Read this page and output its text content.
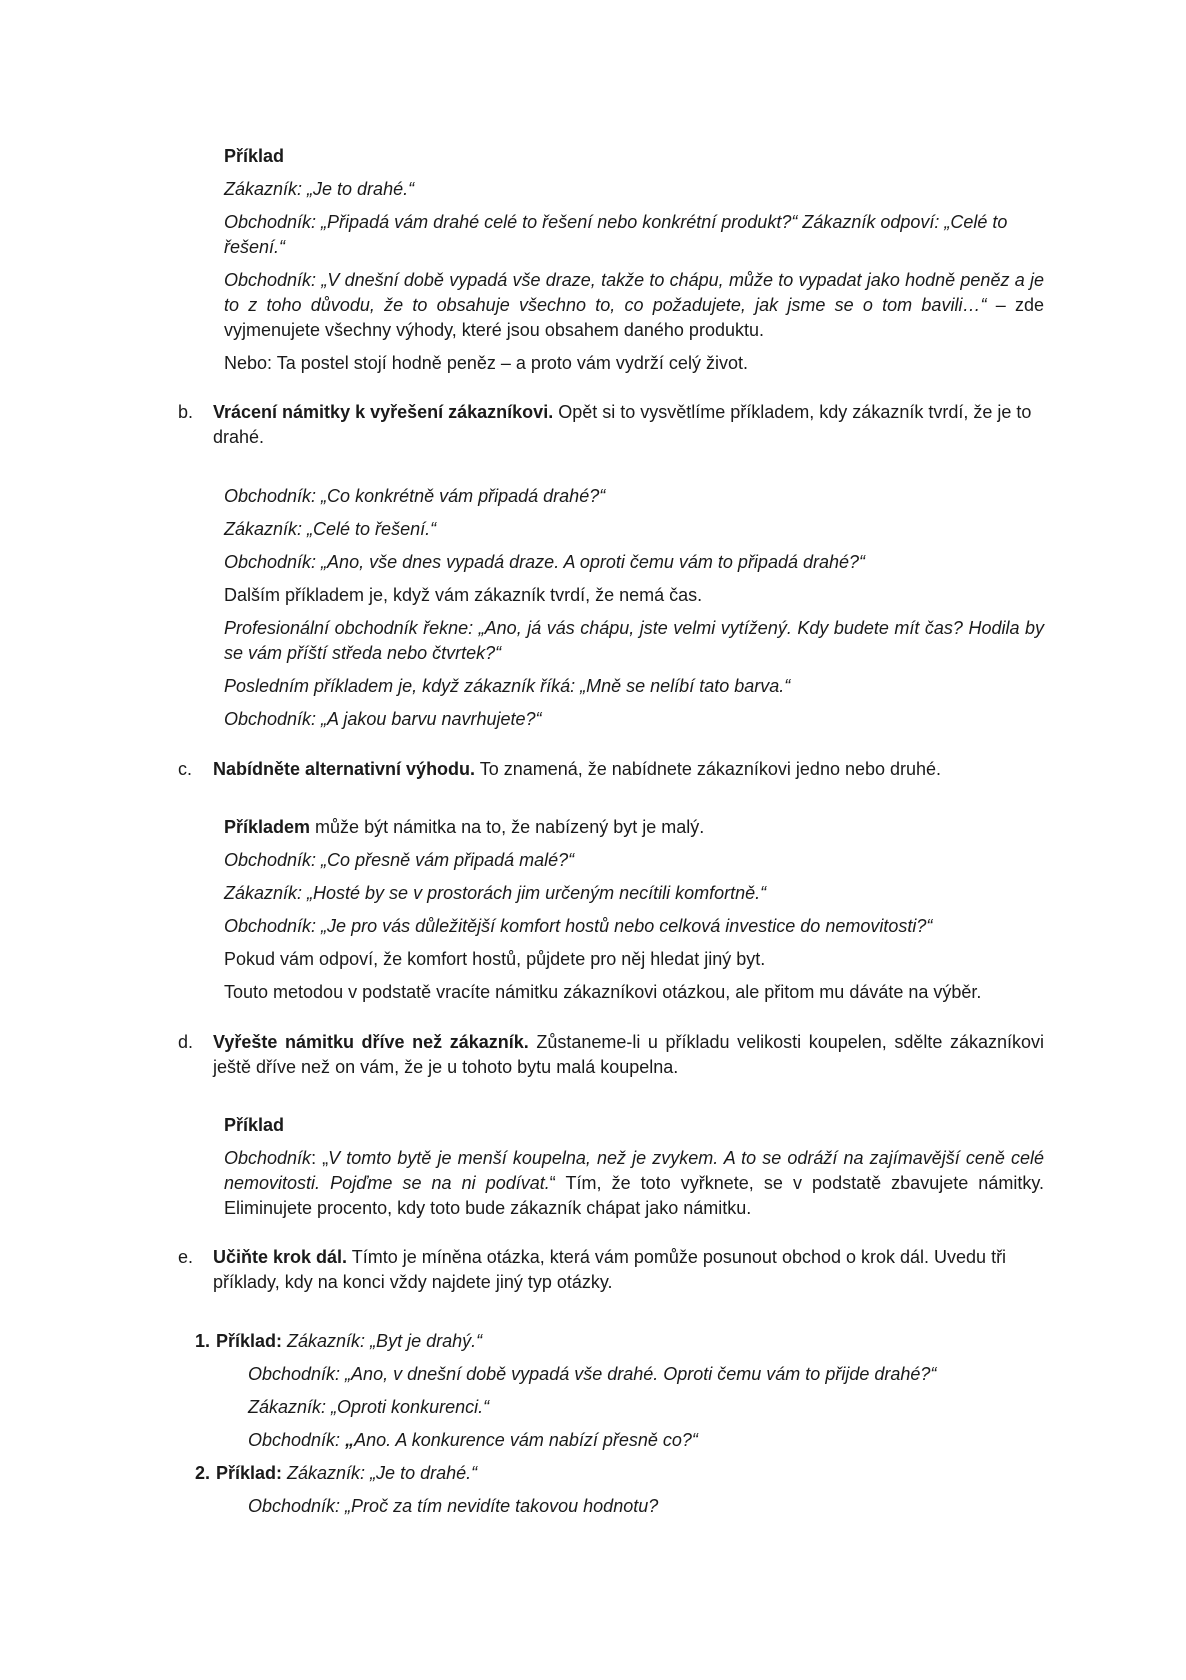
Příklad

Zákazník: „Je to drahé.“

Obchodník: „Připadá vám drahé celé to řešení nebo konkrétní produkt?“ Zákazník odpoví: „Celé to řešení.“

Obchodník: „V dnešní době vypadá vše draze, takže to chápu, může to vypadat jako hodně peněz a je to z toho důvodu, že to obsahuje všechno to, co požadujete, jak jsme se o tom bavili…“ – zde vyjmenujete všechny výhody, které jsou obsahem daného produktu.

Nebo: Ta postel stojí hodně peněz – a proto vám vydrží celý život.

b. Vrácení námitky k vyřešení zákazníkovi. Opět si to vysvětlíme příkladem, kdy zákazník tvrdí, že je to drahé.

Obchodník: „Co konkrétně vám připadá drahé?“

Zákazník: „Celé to řešení.“

Obchodník: „Ano, vše dnes vypadá draze. A oproti čemu vám to připadá drahé?“

Dalším příkladem je, když vám zákazník tvrdí, že nemá čas.

Profesionální obchodník řekne: „Ano, já vás chápu, jste velmi vytížený. Kdy budete mít čas? Hodila by se vám příští středa nebo čtvrtek?“

Posledním příkladem je, když zákazník říká: „Mně se nelíbí tato barva.“

Obchodník: „A jakou barvu navrhujete?“

c. Nabídněte alternativní výhodu. To znamená, že nabídnete zákazníkovi jedno nebo druhé.

Příkladem může být námitka na to, že nabízený byt je malý.

Obchodník: „Co přesně vám připadá malé?“

Zákazník: „Hosté by se v prostorách jim určeným necítili komfortně.“

Obchodník: „Je pro vás důležitější komfort hostů nebo celková investice do nemovitosti?“

Pokud vám odpoví, že komfort hostů, půjdete pro něj hledat jiný byt.

Touto metodou v podstatě vracíte námitku zákazníkovi otázkou, ale přitom mu dáváte na výběr.

d. Vyřešte námitku dříve než zákazník. Zůstaneme-li u příkladu velikosti koupelen, sdělte zákazníkovi ještě dříve než on vám, že je u tohoto bytu malá koupelna.

Příklad

Obchodník: „V tomto bytě je menší koupelna, než je zvykem. A to se odráží na zajímavější ceně celé nemovitosti. Pojďme se na ni podívat.“ Tím, že toto vyřknete, se v podstatě zbavujete námitky. Eliminujete procento, kdy toto bude zákazník chápat jako námitku.

e. Učiňte krok dál. Tímto je míněna otázka, která vám pomůže posunout obchod o krok dál. Uvedu tři příklady, kdy na konci vždy najdete jiný typ otázky.

1. Příklad: Zákazník: „Byt je drahý.“

Obchodník: „Ano, v dnešní době vypadá vše drahé. Oproti čemu vám to přijde drahé?“

Zákazník: „Oproti konkurenci.“

Obchodník: „Ano. A konkurence vám nabízí přesně co?“

2. Příklad: Zákazník: „Je to drahé.“

Obchodník: „Proč za tím nevidíte takovou hodnotu?
